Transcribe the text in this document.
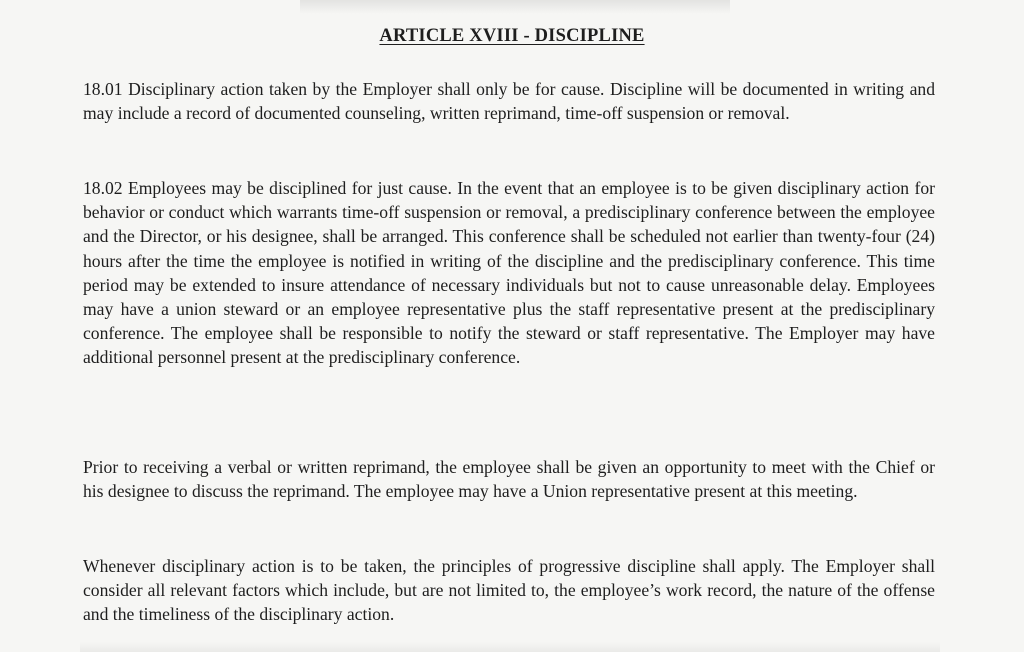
ARTICLE XVIII - DISCIPLINE

18.01 Disciplinary action taken by the Employer shall only be for cause. Discipline will be documented in writing and may include a record of documented counseling, written reprimand, time-off suspension or removal.

18.02 Employees may be disciplined for just cause. In the event that an employee is to be given disciplinary action for behavior or conduct which warrants time-off suspension or removal, a predisciplinary conference between the employee and the Director, or his designee, shall be arranged. This conference shall be scheduled not earlier than twenty-four (24) hours after the time the employee is notified in writing of the discipline and the predisciplinary conference. This time period may be extended to insure attendance of necessary individuals but not to cause unreasonable delay. Employees may have a union steward or an employee representative plus the staff representative present at the predisciplinary conference. The employee shall be responsible to notify the steward or staff representative. The Employer may have additional personnel present at the predisciplinary conference.

Prior to receiving a verbal or written reprimand, the employee shall be given an opportunity to meet with the Chief or his designee to discuss the reprimand. The employee may have a Union representative present at this meeting.

Whenever disciplinary action is to be taken, the principles of progressive discipline shall apply. The Employer shall consider all relevant factors which include, but are not limited to, the employee’s work record, the nature of the offense and the timeliness of the disciplinary action.
